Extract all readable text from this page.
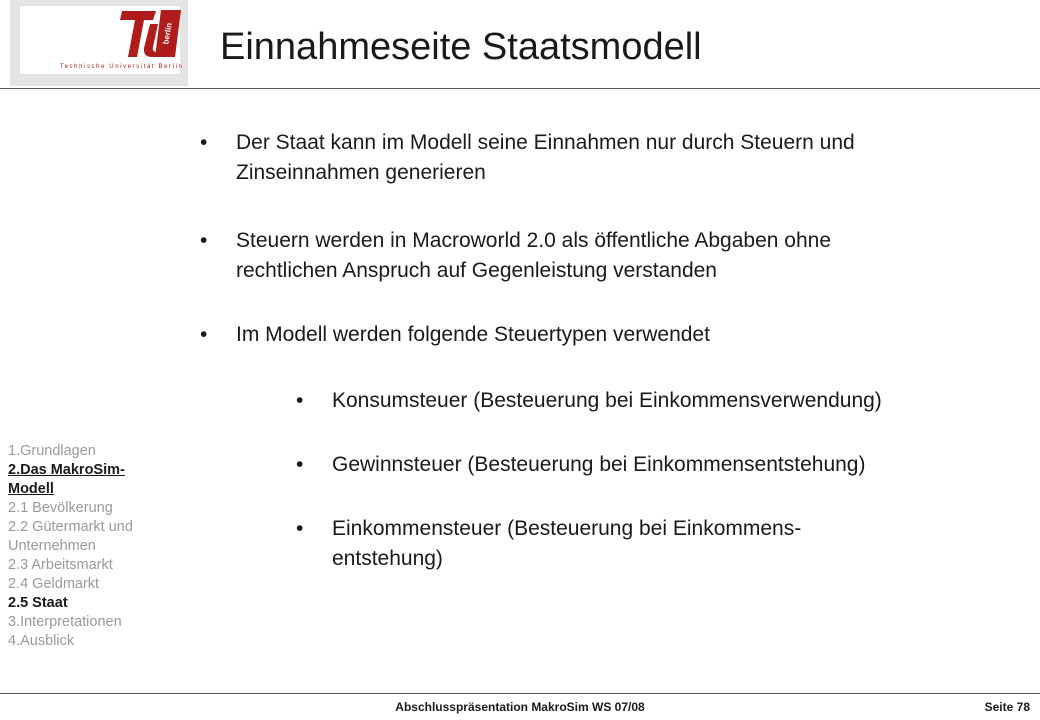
berlin
Technische Universität Berlin Einnahmeseite Staatsmodell
• Der Staat kann im Modell seine Einnahmen nur durch Steuern und
Zinseinnahmen generieren
• Steuern werden in Macroworld 2.0 als öffentliche Abgaben ohne
rechtlichen Anspruch auf Gegenleistung verstanden
• Im Modell werden folgende Steuertypen verwendet
• Konsumsteuer (Besteuerung bei Einkommensverwendung)
• Gewinnsteuer (Besteuerung bei Einkommensentstehung)
• Einkommensteuer (Besteuerung bei Einkommens-
entstehung)
1.Grundlagen
2.Das MakroSim-
Modell
2.1 Bevölkerung
2.2 Gütermarkt und
Unternehmen
2.3 Arbeitsmarkt
2.4 Geldmarkt
2.5 Staat
3.Interpretationen
4.Ausblick
Abschlusspräsentation MakroSim WS 07/08	Seite 78
